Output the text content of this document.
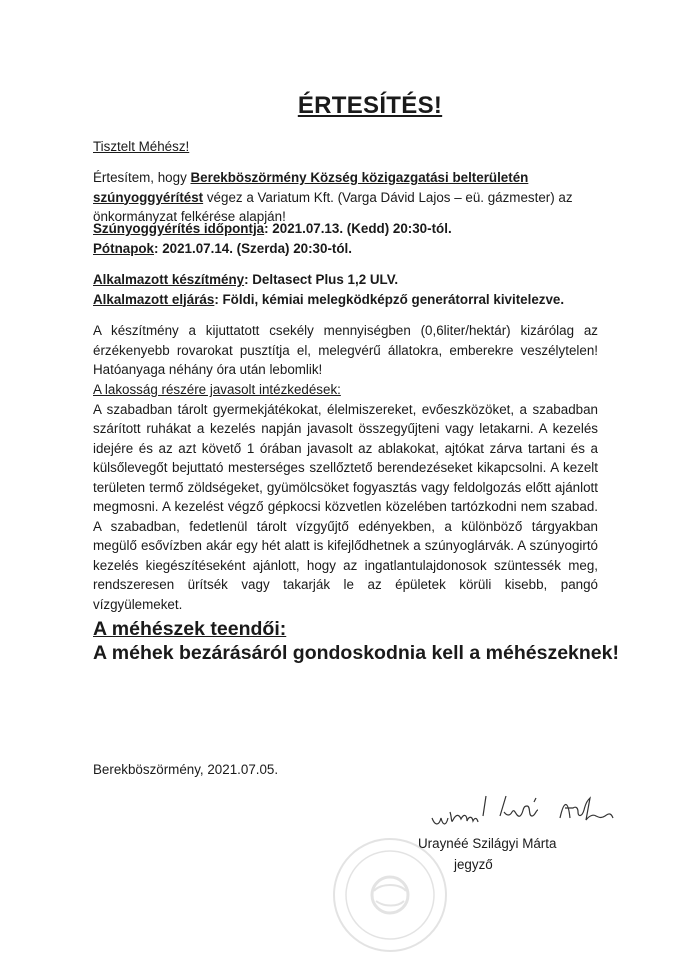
ÉRTESÍTÉS!
Tisztelt Méhész!
Értesítem, hogy Berekböszörmény Község közigazgatási belterületén szúnyoggyérítést végez a Variatum Kft. (Varga Dávid Lajos – eü. gázmester) az önkormányzat felkérése alapján!
Szúnyoggyérítés időpontja: 2021.07.13. (Kedd) 20:30-tól.
Pótnapok: 2021.07.14. (Szerda) 20:30-tól.
Alkalmazott készítmény: Deltasect Plus 1,2 ULV.
Alkalmazott eljárás: Földi, kémiai melegködképző generátorral kivitelezve.
A készítmény a kijuttatott csekély mennyiségben (0,6liter/hektár) kizárólag az érzékenyebb rovarokat pusztítja el, melegvérű állatokra, emberekre veszélytelen! Hatóanyaga néhány óra után lebomlik!
A lakosság részére javasolt intézkedések:
A szabadban tárolt gyermekjátékokat, élelmiszereket, evőeszközöket, a szabadban szárított ruhákat a kezelés napján javasolt összegyűjteni vagy letakarni. A kezelés idejére és az azt követő 1 órában javasolt az ablakokat, ajtókat zárva tartani és a külsőlevegőt bejuttató mesterséges szellőztető berendezéseket kikapcsolni. A kezelt területen termő zöldségeket, gyümölcsöket fogyasztás vagy feldolgozás előtt ajánlott megmosni. A kezelést végző gépkocsi közvetlen közelében tartózkodni nem szabad. A szabadban, fedetlenül tárolt vízgyűjtő edényekben, a különböző tárgyakban megülő esővízben akár egy hét alatt is kifejlődhetnek a szúnyoglárvák. A szúnyogirtó kezelés kiegészítéseként ajánlott, hogy az ingatlantulajdonosok szüntessék meg, rendszeresen ürítsék vagy takarják le az épületek körüli kisebb, pangó vízgyülemeket.
A méhészek teendői:
A méhek bezárásáról gondoskodnia kell a méhészeknek!
Berekböszörmény, 2021.07.05.
Uraynéé Szilágyi Márta
jegyző
